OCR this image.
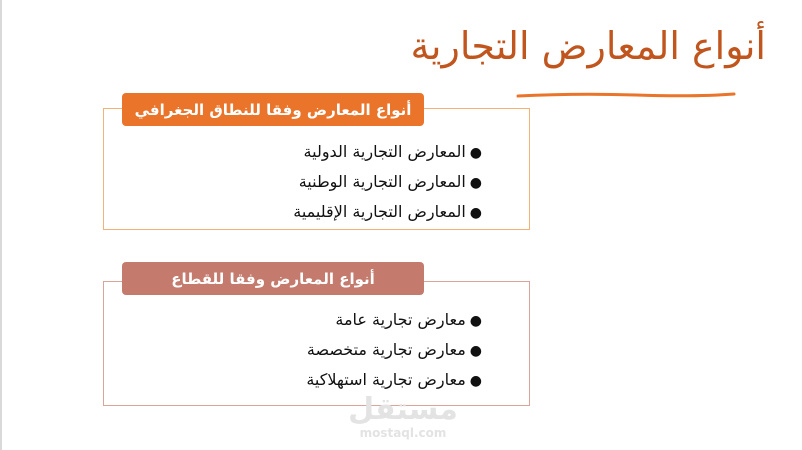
أنواع المعارض التجارية
أنواع المعارض وفقا للنطاق الجغرافي
●المعارض التجارية الدولية
●المعارض التجارية الوطنية
●المعارض التجارية الإقليمية
أنواع المعارض وفقا للقطاع
●معارض تجارية عامة
●معارض تجارية متخصصة
●معارض تجارية استهلاكية
مستقل
mostaql.com
